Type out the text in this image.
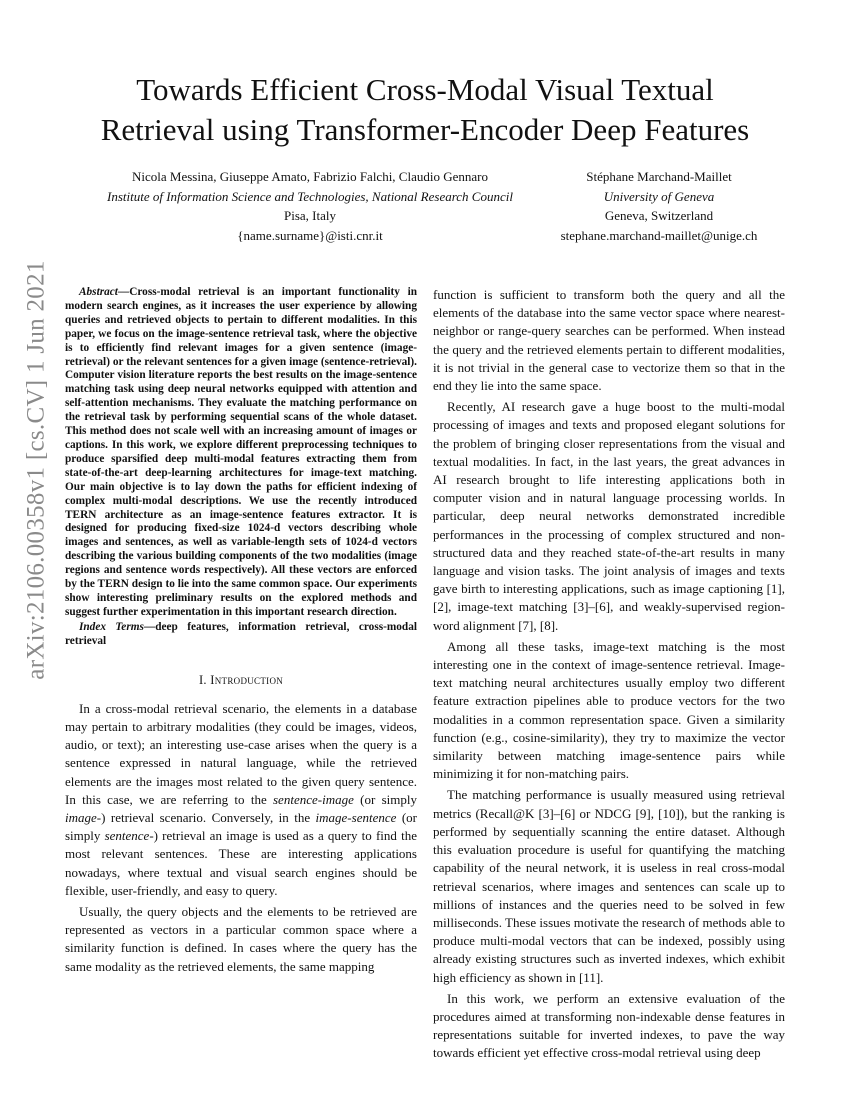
arXiv:2106.00358v1 [cs.CV] 1 Jun 2021
Towards Efficient Cross-Modal Visual Textual
Retrieval using Transformer-Encoder Deep Features
Nicola Messina, Giuseppe Amato, Fabrizio Falchi, Claudio Gennaro
Institute of Information Science and Technologies, National Research Council
Pisa, Italy
{name.surname}@isti.cnr.it
Stéphane Marchand-Maillet
University of Geneva
Geneva, Switzerland
stephane.marchand-maillet@unige.ch

Abstract—Cross-modal retrieval is an important functionality in modern search engines, as it increases the user experience by allowing queries and retrieved objects to pertain to different modalities. In this paper, we focus on the image-sentence retrieval task, where the objective is to efficiently find relevant images for a given sentence (image-retrieval) or the relevant sentences for a given image (sentence-retrieval). Computer vision literature reports the best results on the image-sentence matching task using deep neural networks equipped with attention and self-attention mechanisms. They evaluate the matching performance on the retrieval task by performing sequential scans of the whole dataset. This method does not scale well with an increasing amount of images or captions. In this work, we explore different preprocessing techniques to produce sparsified deep multi-modal features extracting them from state-of-the-art deep-learning architectures for image-text matching. Our main objective is to lay down the paths for efficient indexing of complex multi-modal descriptions. We use the recently introduced TERN architecture as an image-sentence features extractor. It is designed for producing fixed-size 1024-d vectors describing whole images and sentences, as well as variable-length sets of 1024-d vectors describing the various building components of the two modalities (image regions and sentence words respectively). All these vectors are enforced by the TERN design to lie into the same common space. Our experiments show interesting preliminary results on the explored methods and suggest further experimentation in this important research direction.

Index Terms—deep features, information retrieval, cross-modal retrieval

I. Introduction

In a cross-modal retrieval scenario, the elements in a database may pertain to arbitrary modalities (they could be images, videos, audio, or text); an interesting use-case arises when the query is a sentence expressed in natural language, while the retrieved elements are the images most related to the given query sentence. In this case, we are referring to the sentence-image (or simply image-) retrieval scenario. Conversely, in the image-sentence (or simply sentence-) retrieval an image is used as a query to find the most relevant sentences. These are interesting applications nowadays, where textual and visual search engines should be flexible, user-friendly, and easy to query.

Usually, the query objects and the elements to be retrieved are represented as vectors in a particular common space where a similarity function is defined. In cases where the query has the same modality as the retrieved elements, the same mapping

function is sufficient to transform both the query and all the elements of the database into the same vector space where nearest-neighbor or range-query searches can be performed. When instead the query and the retrieved elements pertain to different modalities, it is not trivial in the general case to vectorize them so that in the end they lie into the same space.

Recently, AI research gave a huge boost to the multi-modal processing of images and texts and proposed elegant solutions for the problem of bringing closer representations from the visual and textual modalities. In fact, in the last years, the great advances in AI research brought to life interesting applications both in computer vision and in natural language processing worlds. In particular, deep neural networks demonstrated incredible performances in the processing of complex structured and non-structured data and they reached state-of-the-art results in many language and vision tasks. The joint analysis of images and texts gave birth to interesting applications, such as image captioning [1], [2], image-text matching [3]–[6], and weakly-supervised region-word alignment [7], [8].

Among all these tasks, image-text matching is the most interesting one in the context of image-sentence retrieval. Image-text matching neural architectures usually employ two different feature extraction pipelines able to produce vectors for the two modalities in a common representation space. Given a similarity function (e.g., cosine-similarity), they try to maximize the vector similarity between matching image-sentence pairs while minimizing it for non-matching pairs.

The matching performance is usually measured using retrieval metrics (Recall@K [3]–[6] or NDCG [9], [10]), but the ranking is performed by sequentially scanning the entire dataset. Although this evaluation procedure is useful for quantifying the matching capability of the neural network, it is useless in real cross-modal retrieval scenarios, where images and sentences can scale up to millions of instances and the queries need to be solved in few milliseconds. These issues motivate the research of methods able to produce multi-modal vectors that can be indexed, possibly using already existing structures such as inverted indexes, which exhibit high efficiency as shown in [11].

In this work, we perform an extensive evaluation of the procedures aimed at transforming non-indexable dense features in representations suitable for inverted indexes, to pave the way towards efficient yet effective cross-modal retrieval using deep
